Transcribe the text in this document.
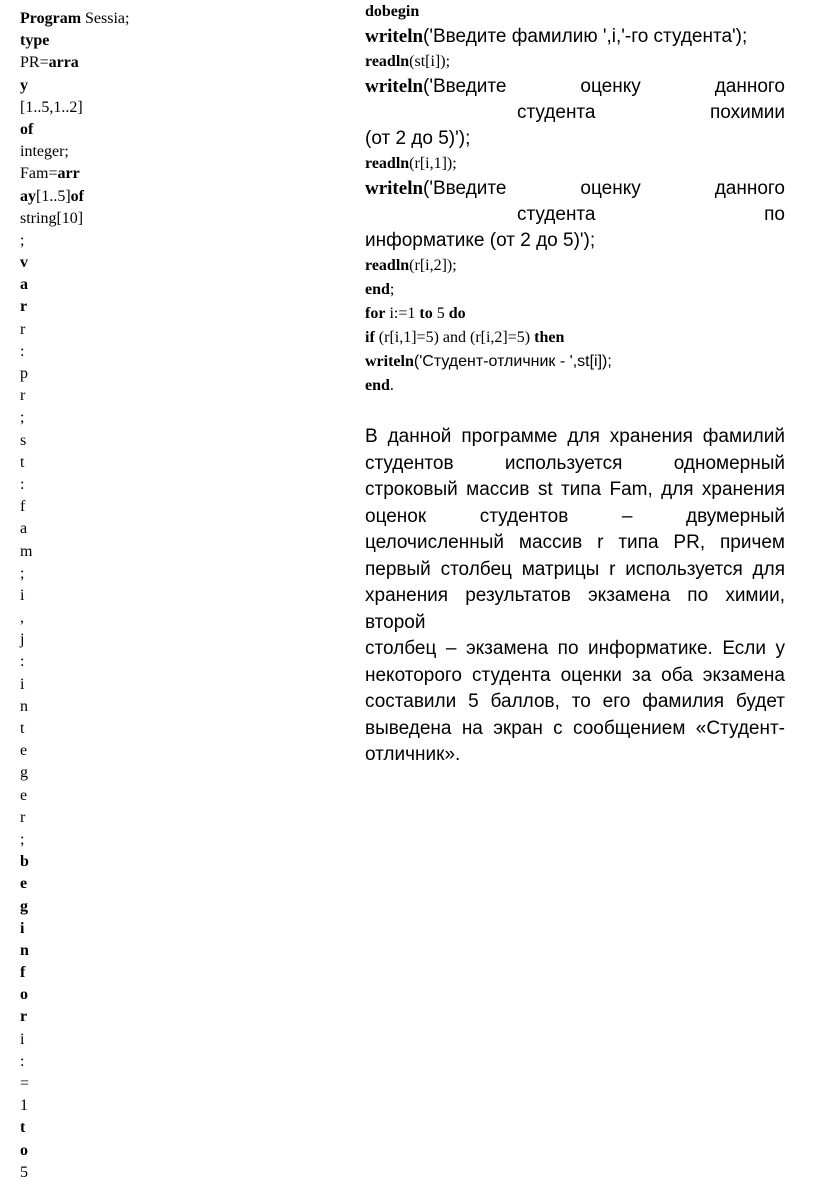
Program Sessia;
type
PR=arra
y
[1..5,1..2]
of
integer;
Fam=arr
ay[1..5]of
string[10]
;
v
a
r
r
:
p
r
;
s
t
:
f
a
m
;
i
,
j
:
i
n
t
e
g
e
r
;
b
e
g
i
n
f
o
r
i
:
=
1
t
o
5
dobegin
writeln('Введите фамилию ',i,'-го студента');
readln(st[i]);
writeln('Введите	оценку	данного
студента	похимии
(от 2 до 5)');
readln(r[i,1]);
writeln('Введите	оценку	данного
студента	по
информатике (от 2 до 5)');
readln(r[i,2]);
end;
for i:=1 to 5 do
if (r[i,1]=5) and (r[i,2]=5) then
writeln('Студент-отличник - ',st[i]);
end.
В данной программе для хранения фамилий
студентов используется одномерный
строковый массив st типа Fam, для хранения
оценок студентов – двумерный
целочисленный массив r типа PR, причем
первый столбец матрицы r используется для
хранения результатов экзамена по химии,
второй
столбец – экзамена по информатике. Если у
некоторого студента оценки за оба экзамена
составили 5 баллов, то его фамилия будет
выведена на экран с сообщением «Студент-
отличник».
